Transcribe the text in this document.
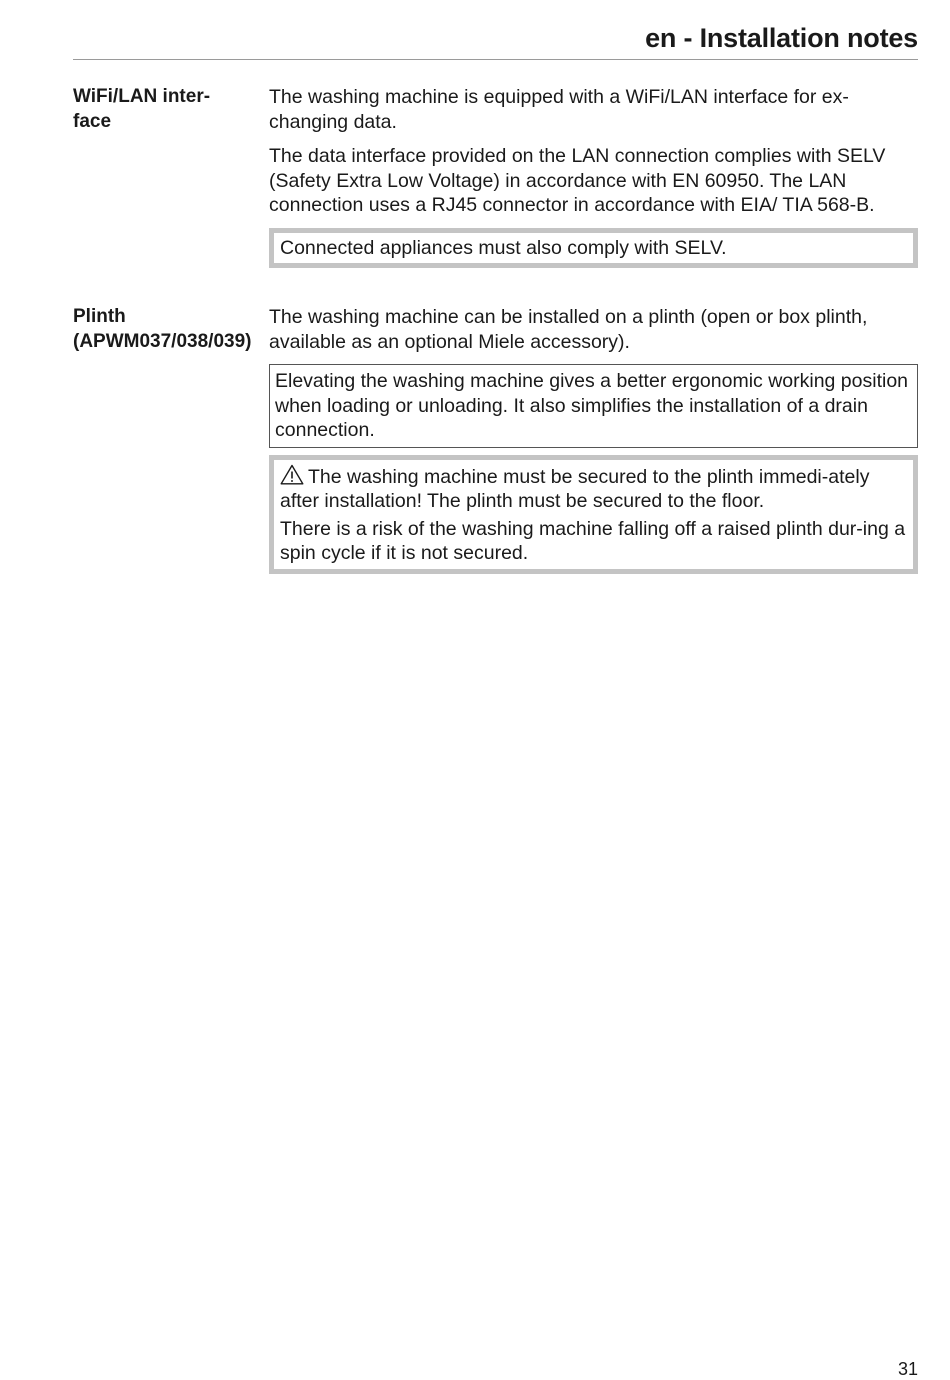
en - Installation notes
WiFi/LAN inter-
face

The washing machine is equipped with a WiFi/LAN interface for ex-changing data.

The data interface provided on the LAN connection complies with SELV (Safety Extra Low Voltage) in accordance with EN 60950. The LAN connection uses a RJ45 connector in accordance with EIA/ TIA 568-B.

Connected appliances must also comply with SELV.
Plinth (APWM037/038/039)

The washing machine can be installed on a plinth (open or box plinth, available as an optional Miele accessory).

Elevating the washing machine gives a better ergonomic working position when loading or unloading. It also simplifies the installation of a drain connection.

The washing machine must be secured to the plinth immedi-ately after installation! The plinth must be secured to the floor.

There is a risk of the washing machine falling off a raised plinth dur-ing a spin cycle if it is not secured.

31
